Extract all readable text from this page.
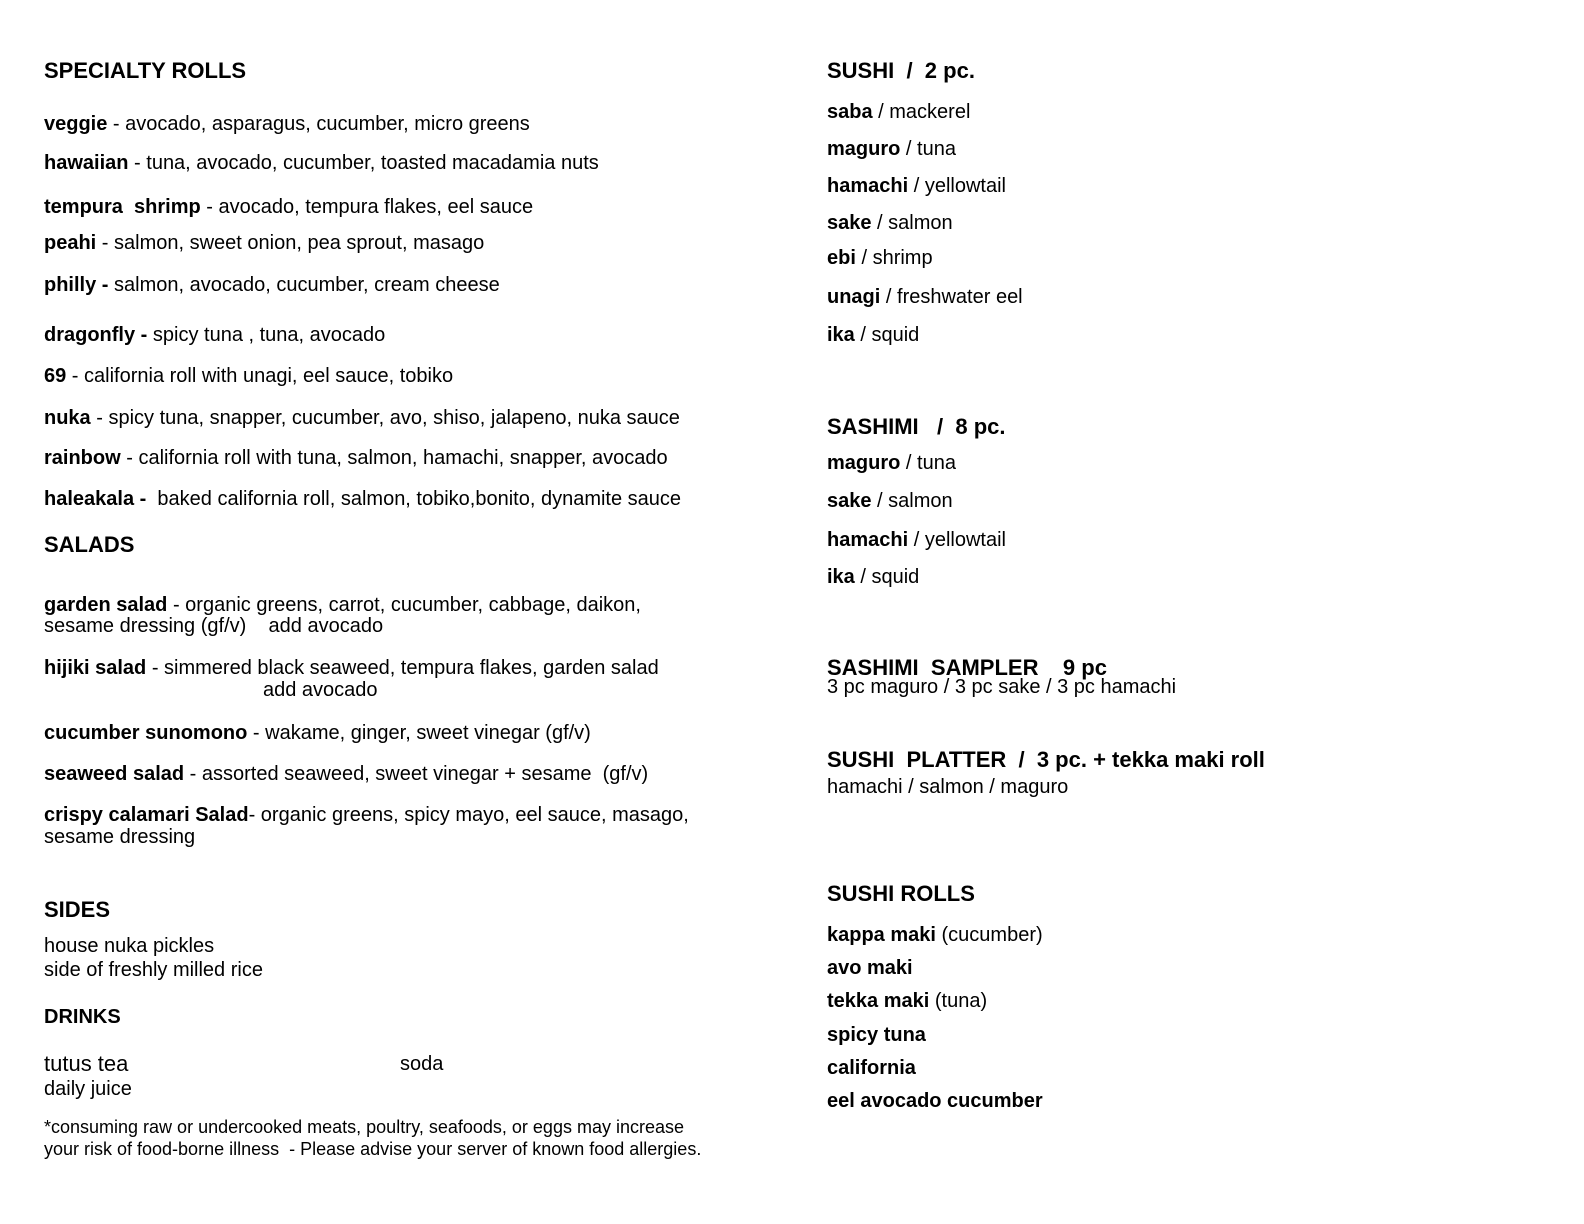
SPECIALTY ROLLS
veggie - avocado, asparagus, cucumber, micro greens
hawaiian - tuna, avocado, cucumber, toasted macadamia nuts
tempura  shrimp - avocado, tempura flakes, eel sauce
peahi - salmon, sweet onion, pea sprout, masago
philly - salmon, avocado, cucumber, cream cheese
dragonfly - spicy tuna , tuna, avocado
69 - california roll with unagi, eel sauce, tobiko
nuka - spicy tuna, snapper, cucumber, avo, shiso, jalapeno, nuka sauce
rainbow - california roll with tuna, salmon, hamachi, snapper, avocado
haleakala -  baked california roll, salmon, tobiko,bonito, dynamite sauce
SALADS
garden salad - organic greens, carrot, cucumber, cabbage, daikon,
sesame dressing (gf/v)    add avocado
hijiki salad - simmered black seaweed, tempura flakes, garden salad
add avocado
cucumber sunomono - wakame, ginger, sweet vinegar (gf/v)
seaweed salad - assorted seaweed, sweet vinegar + sesame  (gf/v)
crispy calamari Salad- organic greens, spicy mayo, eel sauce, masago,
sesame dressing
SIDES
house nuka pickles
side of freshly milled rice
DRINKS
tutus tea	soda
daily juice
*consuming raw or undercooked meats, poultry, seafoods, or eggs may increase
your risk of food-borne illness  - Please advise your server of known food allergies.
SUSHI  /  2 pc.
saba / mackerel
maguro / tuna
hamachi / yellowtail
sake / salmon
ebi / shrimp
unagi / freshwater eel
ika / squid
SASHIMI   /  8 pc.
maguro / tuna
sake / salmon
hamachi / yellowtail
ika / squid
SASHIMI  SAMPLER    9 pc
3 pc maguro / 3 pc sake / 3 pc hamachi
SUSHI  PLATTER  /  3 pc. + tekka maki roll
hamachi / salmon / maguro
SUSHI ROLLS
kappa maki (cucumber)
avo maki
tekka maki (tuna)
spicy tuna
california
eel avocado cucumber
